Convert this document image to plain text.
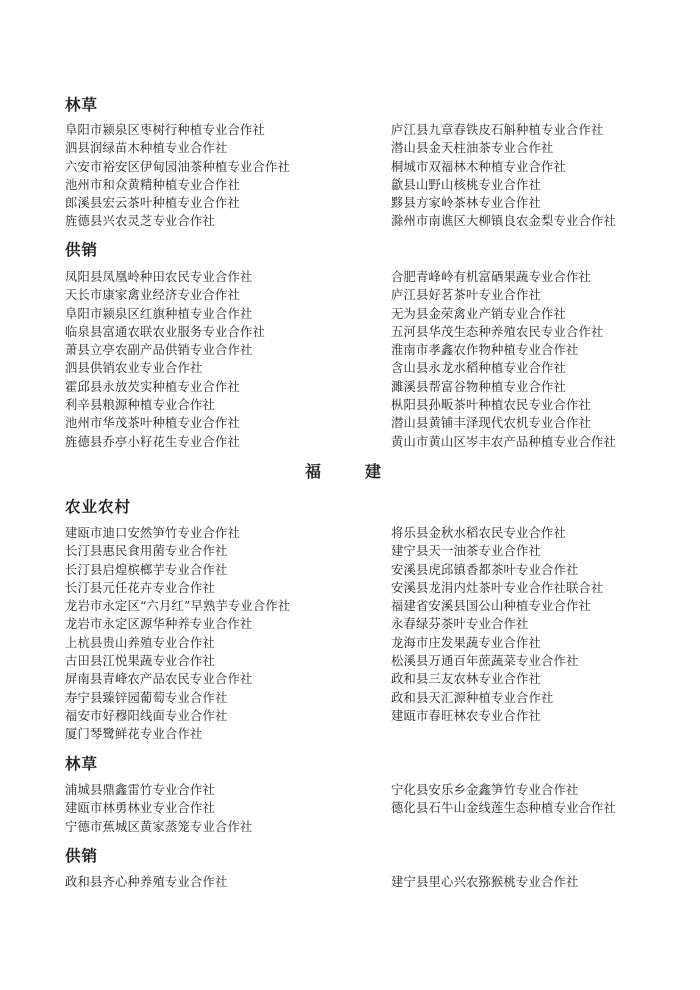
林草
阜阳市颍泉区枣树行种植专业合作社
泗县润绿苗木种植专业合作社
六安市裕安区伊甸园油茶种植专业合作社
池州市和众黄精种植专业合作社
郎溪县宏云茶叶种植专业合作社
旌德县兴农灵芝专业合作社
庐江县九章春铁皮石斛种植专业合作社
潜山县金天柱油茶专业合作社
桐城市双福林木种植专业合作社
歙县山野山核桃专业合作社
黟县方家岭茶林专业合作社
滁州市南谯区大柳镇良农金梨专业合作社
供销
凤阳县凤凰岭种田农民专业合作社
天长市康家禽业经济专业合作社
阜阳市颍泉区红旗种植专业合作社
临泉县富通农联农业服务专业合作社
萧县立亭农副产品供销专业合作社
泗县供销农业专业合作社
霍邱县永放芡实种植专业合作社
利辛县粮源种植专业合作社
池州市华茂茶叶种植专业合作社
旌德县乔亭小籽花生专业合作社
合肥青峰岭有机富硒果蔬专业合作社
庐江县好茗茶叶专业合作社
无为县金荣禽业产销专业合作社
五河县华茂生态种养殖农民专业合作社
淮南市孝鑫农作物种植专业合作社
含山县永龙水稻种植专业合作社
濉溪县帮富谷物种植专业合作社
枞阳县孙畈茶叶种植农民专业合作社
潜山县黄铺丰泽现代农机专业合作社
黄山市黄山区岑丰农产品种植专业合作社
福　建
农业农村
建瓯市迪口安然笋竹专业合作社
长汀县惠民食用菌专业合作社
长汀县启煌槟榔芋专业合作社
长汀县元任花卉专业合作社
龙岩市永定区“六月红”早熟芋专业合作社
龙岩市永定区源华种养专业合作社
上杭县贵山养殖专业合作社
古田县江悦果蔬专业合作社
屏南县青峰农产品农民专业合作社
寿宁县臻锌园葡萄专业合作社
福安市好穆阳线面专业合作社
厦门琴鹭鲜花专业合作社
将乐县金秋水稻农民专业合作社
建宁县天一油茶专业合作社
安溪县虎邱镇香都茶叶专业合作社
安溪县龙涓内灶茶叶专业合作社联合社
福建省安溪县国公山种植专业合作社
永春绿芬茶叶专业合作社
龙海市庄发果蔬专业合作社
松溪县万通百年蔗蔬菜专业合作社
政和县三友农林专业合作社
政和县天汇源种植专业合作社
建瓯市春旺林农专业合作社
林草
浦城县鼎鑫雷竹专业合作社
建瓯市林勇林业专业合作社
宁德市蕉城区黄家蒸笼专业合作社
宁化县安乐乡金鑫笋竹专业合作社
德化县石牛山金线莲生态种植专业合作社
供销
政和县齐心种养殖专业合作社	建宁县里心兴农猕猴桃专业合作社
